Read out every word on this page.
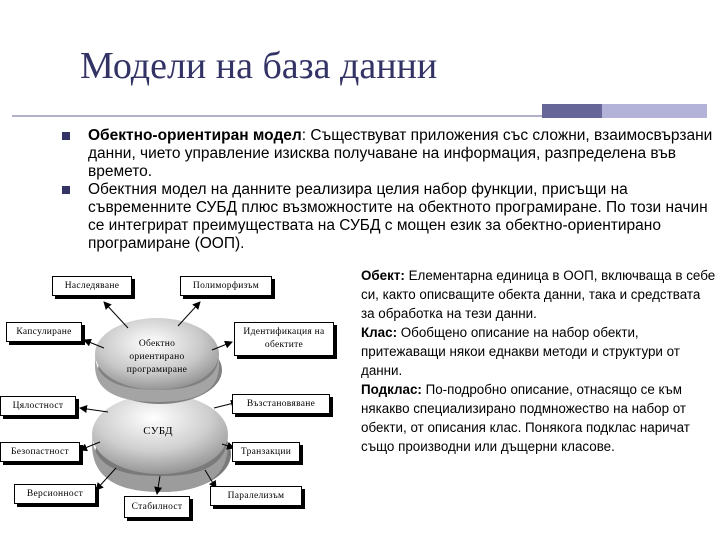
Модели на база данни

Обектно-ориентиран модел: Съществуват приложения със сложни, взаимосвързани данни, чието управление изисква получаване на информация, разпределена във времето.

Обектния модел на данните реализира целия набор функции, присъщи на съвременните СУБД плюс възможностите на обектното програмиране. По този начин се интегрират преимуществата на СУБД с мощен език за обектно-ориентирано програмиране (ООП).

Обектно ориентирано програмиране
СУБД
Наследяване	Полиморфизъм
Капсулиране	Идентификация на обектите
Цялостност	Възстановяване
Безопастност	Транзакции
Версионност	Паралелизъм
Стабилност
Обект: Елементарна единица в ООП, включваща в себе си, както описващите обекта данни, така и средствата за обработка на тези данни.
Клас: Обобщено описание на набор обекти, притежаващи някои еднакви методи и структури от данни.
Подклас: По-подробно описание, отнасящо се към някакво специализирано подмножество на набор от обекти, от описания клас. Понякога подклас наричат също производни или дъщерни класове.
